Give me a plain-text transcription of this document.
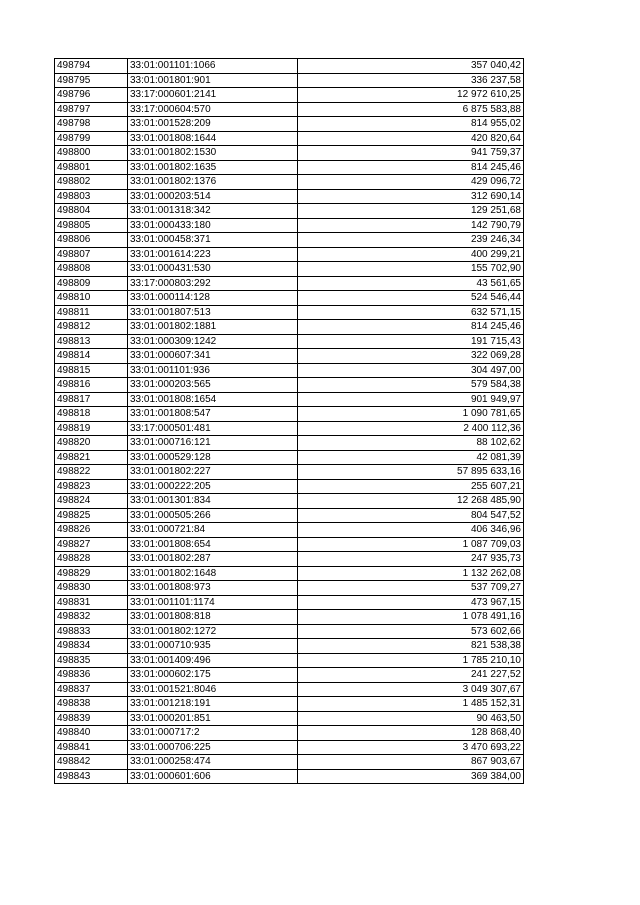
498794	33:01:001101:1066	357 040,42
498795	33:01:001801:901	336 237,58
498796	33:17:000601:2141	12 972 610,25
498797	33:17:000604:570	6 875 583,88
498798	33:01:001528:209	814 955,02
498799	33:01:001808:1644	420 820,64
498800	33:01:001802:1530	941 759,37
498801	33:01:001802:1635	814 245,46
498802	33:01:001802:1376	429 096,72
498803	33:01:000203:514	312 690,14
498804	33:01:001318:342	129 251,68
498805	33:01:000433:180	142 790,79
498806	33:01:000458:371	239 246,34
498807	33:01:001614:223	400 299,21
498808	33:01:000431:530	155 702,90
498809	33:17:000803:292	43 561,65
498810	33:01:000114:128	524 546,44
498811	33:01:001807:513	632 571,15
498812	33:01:001802:1881	814 245,46
498813	33:01:000309:1242	191 715,43
498814	33:01:000607:341	322 069,28
498815	33:01:001101:936	304 497,00
498816	33:01:000203:565	579 584,38
498817	33:01:001808:1654	901 949,97
498818	33:01:001808:547	1 090 781,65
498819	33:17:000501:481	2 400 112,36
498820	33:01:000716:121	88 102,62
498821	33:01:000529:128	42 081,39
498822	33:01:001802:227	57 895 633,16
498823	33:01:000222:205	255 607,21
498824	33:01:001301:834	12 268 485,90
498825	33:01:000505:266	804 547,52
498826	33:01:000721:84	406 346,96
498827	33:01:001808:654	1 087 709,03
498828	33:01:001802:287	247 935,73
498829	33:01:001802:1648	1 132 262,08
498830	33:01:001808:973	537 709,27
498831	33:01:001101:1174	473 967,15
498832	33:01:001808:818	1 078 491,16
498833	33:01:001802:1272	573 602,66
498834	33:01:000710:935	821 538,38
498835	33:01:001409:496	1 785 210,10
498836	33:01:000602:175	241 227,52
498837	33:01:001521:8046	3 049 307,67
498838	33:01:001218:191	1 485 152,31
498839	33:01:000201:851	90 463,50
498840	33:01:000717:2	128 868,40
498841	33:01:000706:225	3 470 693,22
498842	33:01:000258:474	867 903,67
498843	33:01:000601:606	369 384,00
